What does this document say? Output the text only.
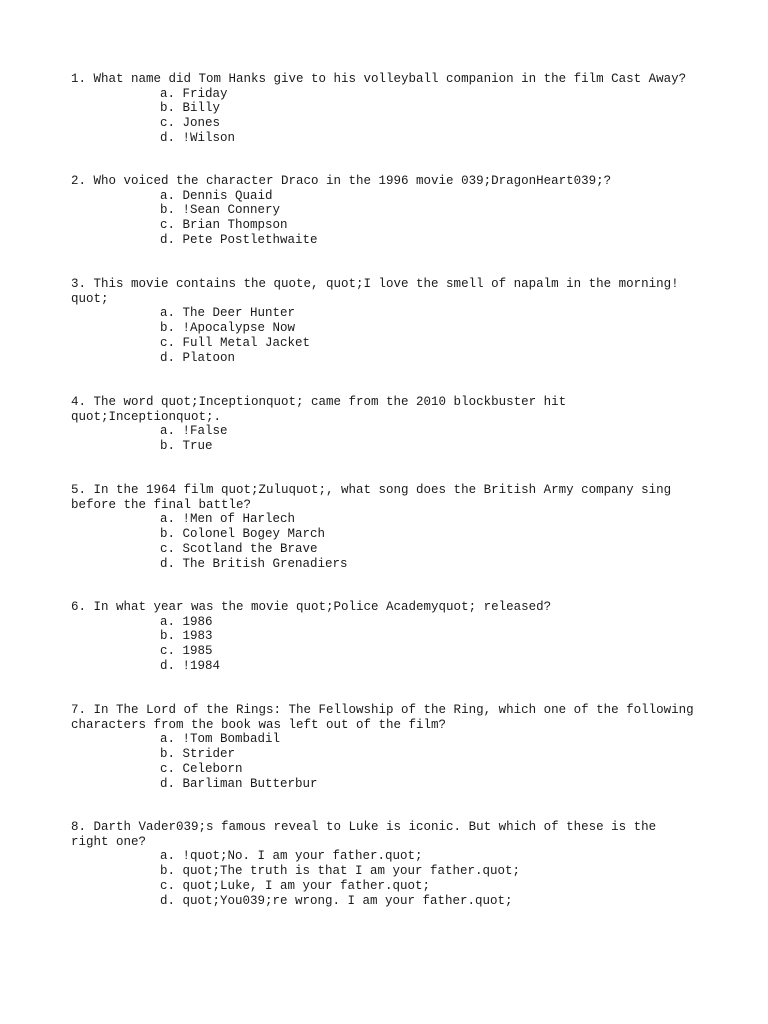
1. What name did Tom Hanks give to his volleyball companion in the film Cast Away?

a. Friday
b. Billy
c. Jones
d. !Wilson

2. Who voiced the character Draco in the 1996 movie 039;DragonHeart039;?

a. Dennis Quaid
b. !Sean Connery
c. Brian Thompson
d. Pete Postlethwaite

3. This movie contains the quote, quot;I love the smell of napalm in the morning!
quot;

a. The Deer Hunter
b. !Apocalypse Now
c. Full Metal Jacket
d. Platoon

4. The word quot;Inceptionquot; came from the 2010 blockbuster hit
quot;Inceptionquot;.

a. !False
b. True

5. In the 1964 film quot;Zuluquot;, what song does the British Army company sing
before the final battle?

a. !Men of Harlech
b. Colonel Bogey March
c. Scotland the Brave
d. The British Grenadiers

6. In what year was the movie quot;Police Academyquot; released?

a. 1986
b. 1983
c. 1985
d. !1984

7. In The Lord of the Rings: The Fellowship of the Ring, which one of the following
characters from the book was left out of the film?

a. !Tom Bombadil
b. Strider
c. Celeborn
d. Barliman Butterbur

8. Darth Vader039;s famous reveal to Luke is iconic. But which of these is the
right one?

a. !quot;No. I am your father.quot;
b. quot;The truth is that I am your father.quot;
c. quot;Luke, I am your father.quot;
d. quot;You039;re wrong. I am your father.quot;
